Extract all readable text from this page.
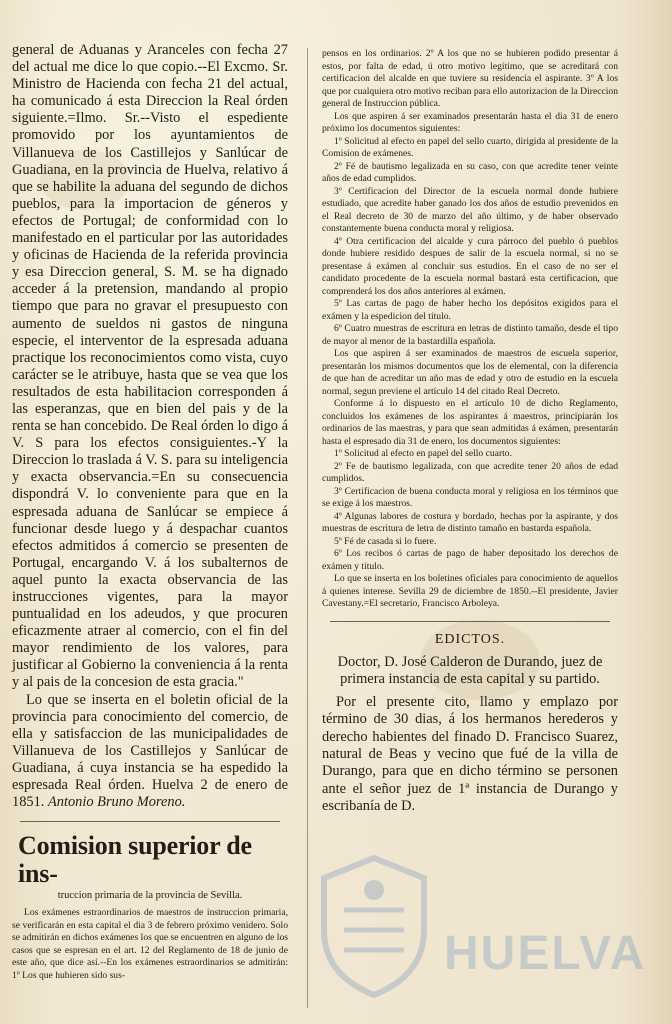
general de Aduanas y Aranceles con fecha 27 del actual me dice lo que copio.--El Excmo. Sr. Ministro de Hacienda con fecha 21 del actual, ha comunicado á esta Direccion la Real órden siguiente.=Ilmo. Sr.--Visto el espediente promovido por los ayuntamientos de Villanueva de los Castillejos y Sanlúcar de Guadiana, en la provincia de Huelva, relativo á que se habilite la aduana del segundo de dichos pueblos, para la importacion de géneros y efectos de Portugal; de conformidad con lo manifestado en el particular por las autoridades y oficinas de Hacienda de la referida provincia y esa Direccion general, S. M. se ha dignado acceder á la pretension, mandando al propio tiempo que para no gravar el presupuesto con aumento de sueldos ni gastos de ninguna especie, el interventor de la espresada aduana practique los reconocimientos como vista, cuyo carácter se le atribuye, hasta que se vea que los resultados de esta habilitacion corresponden á las esperanzas, que en bien del pais y de la renta se han concebido. De Real órden lo digo á V. S para los efectos consiguientes.-Y la Direccion lo traslada á V. S. para su inteligencia y exacta observancia.=En su consecuencia dispondrá V. lo conveniente para que en la espresada aduana de Sanlúcar se empiece á funcionar desde luego y á despachar cuantos efectos admitidos á comercio se presenten de Portugal, encargando V. á los subalternos de aquel punto la exacta observancia de las instrucciones vigentes, para la mayor puntualidad en los adeudos, y que procuren eficazmente atraer al comercio, con el fin del mayor rendimiento de los valores, para justificar al Gobierno la conveniencia á la renta y al pais de la concesion de esta gracia."

Lo que se inserta en el boletin oficial de la provincia para conocimiento del comercio, de ella y satisfaccion de las municipalidades de Villanueva de los Castillejos y Sanlúcar de Guadiana, á cuya instancia se ha espedido la espresada Real órden. Huelva 2 de enero de 1851. Antonio Bruno Moreno.

Comision superior de ins-
truccion primaria de la provincia de Sevilla.

Los exámenes estraordinarios de maestros de instruccion primaria, se verificarán en esta capital el dia 3 de febrero próximo venidero. Solo se admitirán en dichos exámenes los que se encuentren en alguno de los casos que se espresan en el art. 12 del Reglamento de 18 de junio de este año, que dice así.--En los exámenes estraordinarios se admitirán: 1º Los que hubieren sido sus-

pensos en los ordinarios. 2º A los que no se hubieren podido presentar á estos, por falta de edad, ú otro motivo legítimo, que se acreditará con certificacion del alcalde en que tuviere su residencia el aspirante. 3º A los que por cualquiera otro motivo reciban para ello autorizacion de la Direccion general de Instruccion pública.

Los que aspiren á ser examinados presentarán hasta el dia 31 de enero próximo los documentos siguientes:

1º Solicitud al efecto en papel del sello cuarto, dirigida al presidente de la Comision de exámenes.

2º Fé de bautismo legalizada en su caso, con que acredite tener veinte años de edad cumplidos.

3º Certificacion del Director de la escuela normal donde hubiere estudiado, que acredite haber ganado los dos años de estudio prevenidos en el Real decreto de 30 de marzo del año último, y de haber observado constantemente buena conducta moral y religiosa.

4º Otra certificacion del alcalde y cura párroco del pueblo ó pueblos donde hubiere residido despues de salir de la escuela normal, si no se presentase á exámen al concluir sus estudios. En el caso de no ser el candidato procedente de la escuela normal bastará esta certificacion, que comprenderá los dos años anteriores al exámen.

5º Las cartas de pago de haber hecho los depósitos exigidos para el exámen y la espedicion del título.

6º Cuatro muestras de escritura en letras de distinto tamaño, desde el tipo de mayor al menor de la bastardilla española.

Los que aspiren á ser examinados de maestros de escuela superior, presentarán los mismos documentos que los de elemental, con la diferencia de que han de acreditar un año mas de edad y otro de estudio en la escuela normal, segun previene el artículo 14 del citado Real Decreto.

Conforme á lo dispuesto en el artículo 10 de dicho Reglamento, concluidos los exámenes de los aspirantes á maestros, principiarán los ordinarios de las maestras, y para que sean admitidas á exámen, presentarán hasta el espresado dia 31 de enero, los documentos siguientes:

1º Solicitud al efecto en papel del sello cuarto.

2º Fe de bautismo legalizada, con que acredite tener 20 años de edad cumplidos.

3º Certificacion de buena conducta moral y religiosa en los términos que se exige á los maestros.

4º Algunas labores de costura y bordado, hechas por la aspirante, y dos muestras de escritura de letra de distinto tamaño en bastarda española.

5º Fé de casada si lo fuere.

6º Los recibos ó cartas de pago de haber depositado los derechos de exámen y título.

Lo que se inserta en los boletines oficiales para conocimiento de aquellos á quienes interese. Sevilla 29 de diciembre de 1850.--El presidente, Javier Cavestany.=El secretario, Francisco Arboleya.

EDICTOS.

Doctor, D. José Calderon de Durando, juez de primera instancia de esta capital y su partido.

Por el presente cito, llamo y emplazo por término de 30 dias, á los hermanos herederos y derecho habientes del finado D. Francisco Suarez, natural de Beas y vecino que fué de la villa de Durango, para que en dicho término se personen ante el señor juez de 1ª instancia de Durango y escribanía de D.

HUELVA
